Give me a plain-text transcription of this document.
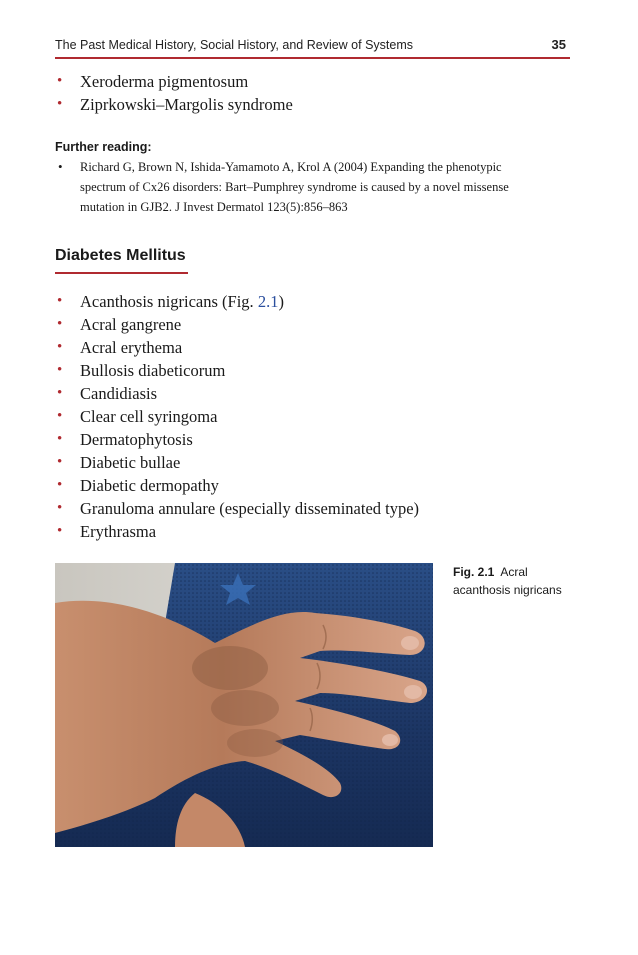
The Past Medical History, Social History, and Review of Systems	35
• Xeroderma pigmentosum
• Ziprkowski–Margolis syndrome
Further reading:
• Richard G, Brown N, Ishida-Yamamoto A, Krol A (2004) Expanding the phenotypic
spectrum of Cx26 disorders: Bart–Pumphrey syndrome is caused by a novel missense
mutation in GJB2. J Invest Dermatol 123(5):856–863
Diabetes Mellitus
• Acanthosis nigricans (Fig. 2.1)
• Acral gangrene
• Acral erythema
• Bullosis diabeticorum
• Candidiasis
• Clear cell syringoma
• Dermatophytosis
• Diabetic bullae
• Diabetic dermopathy
• Granuloma annulare (especially disseminated type)
• Erythrasma
Fig. 2.1 Acral
acanthosis nigricans
